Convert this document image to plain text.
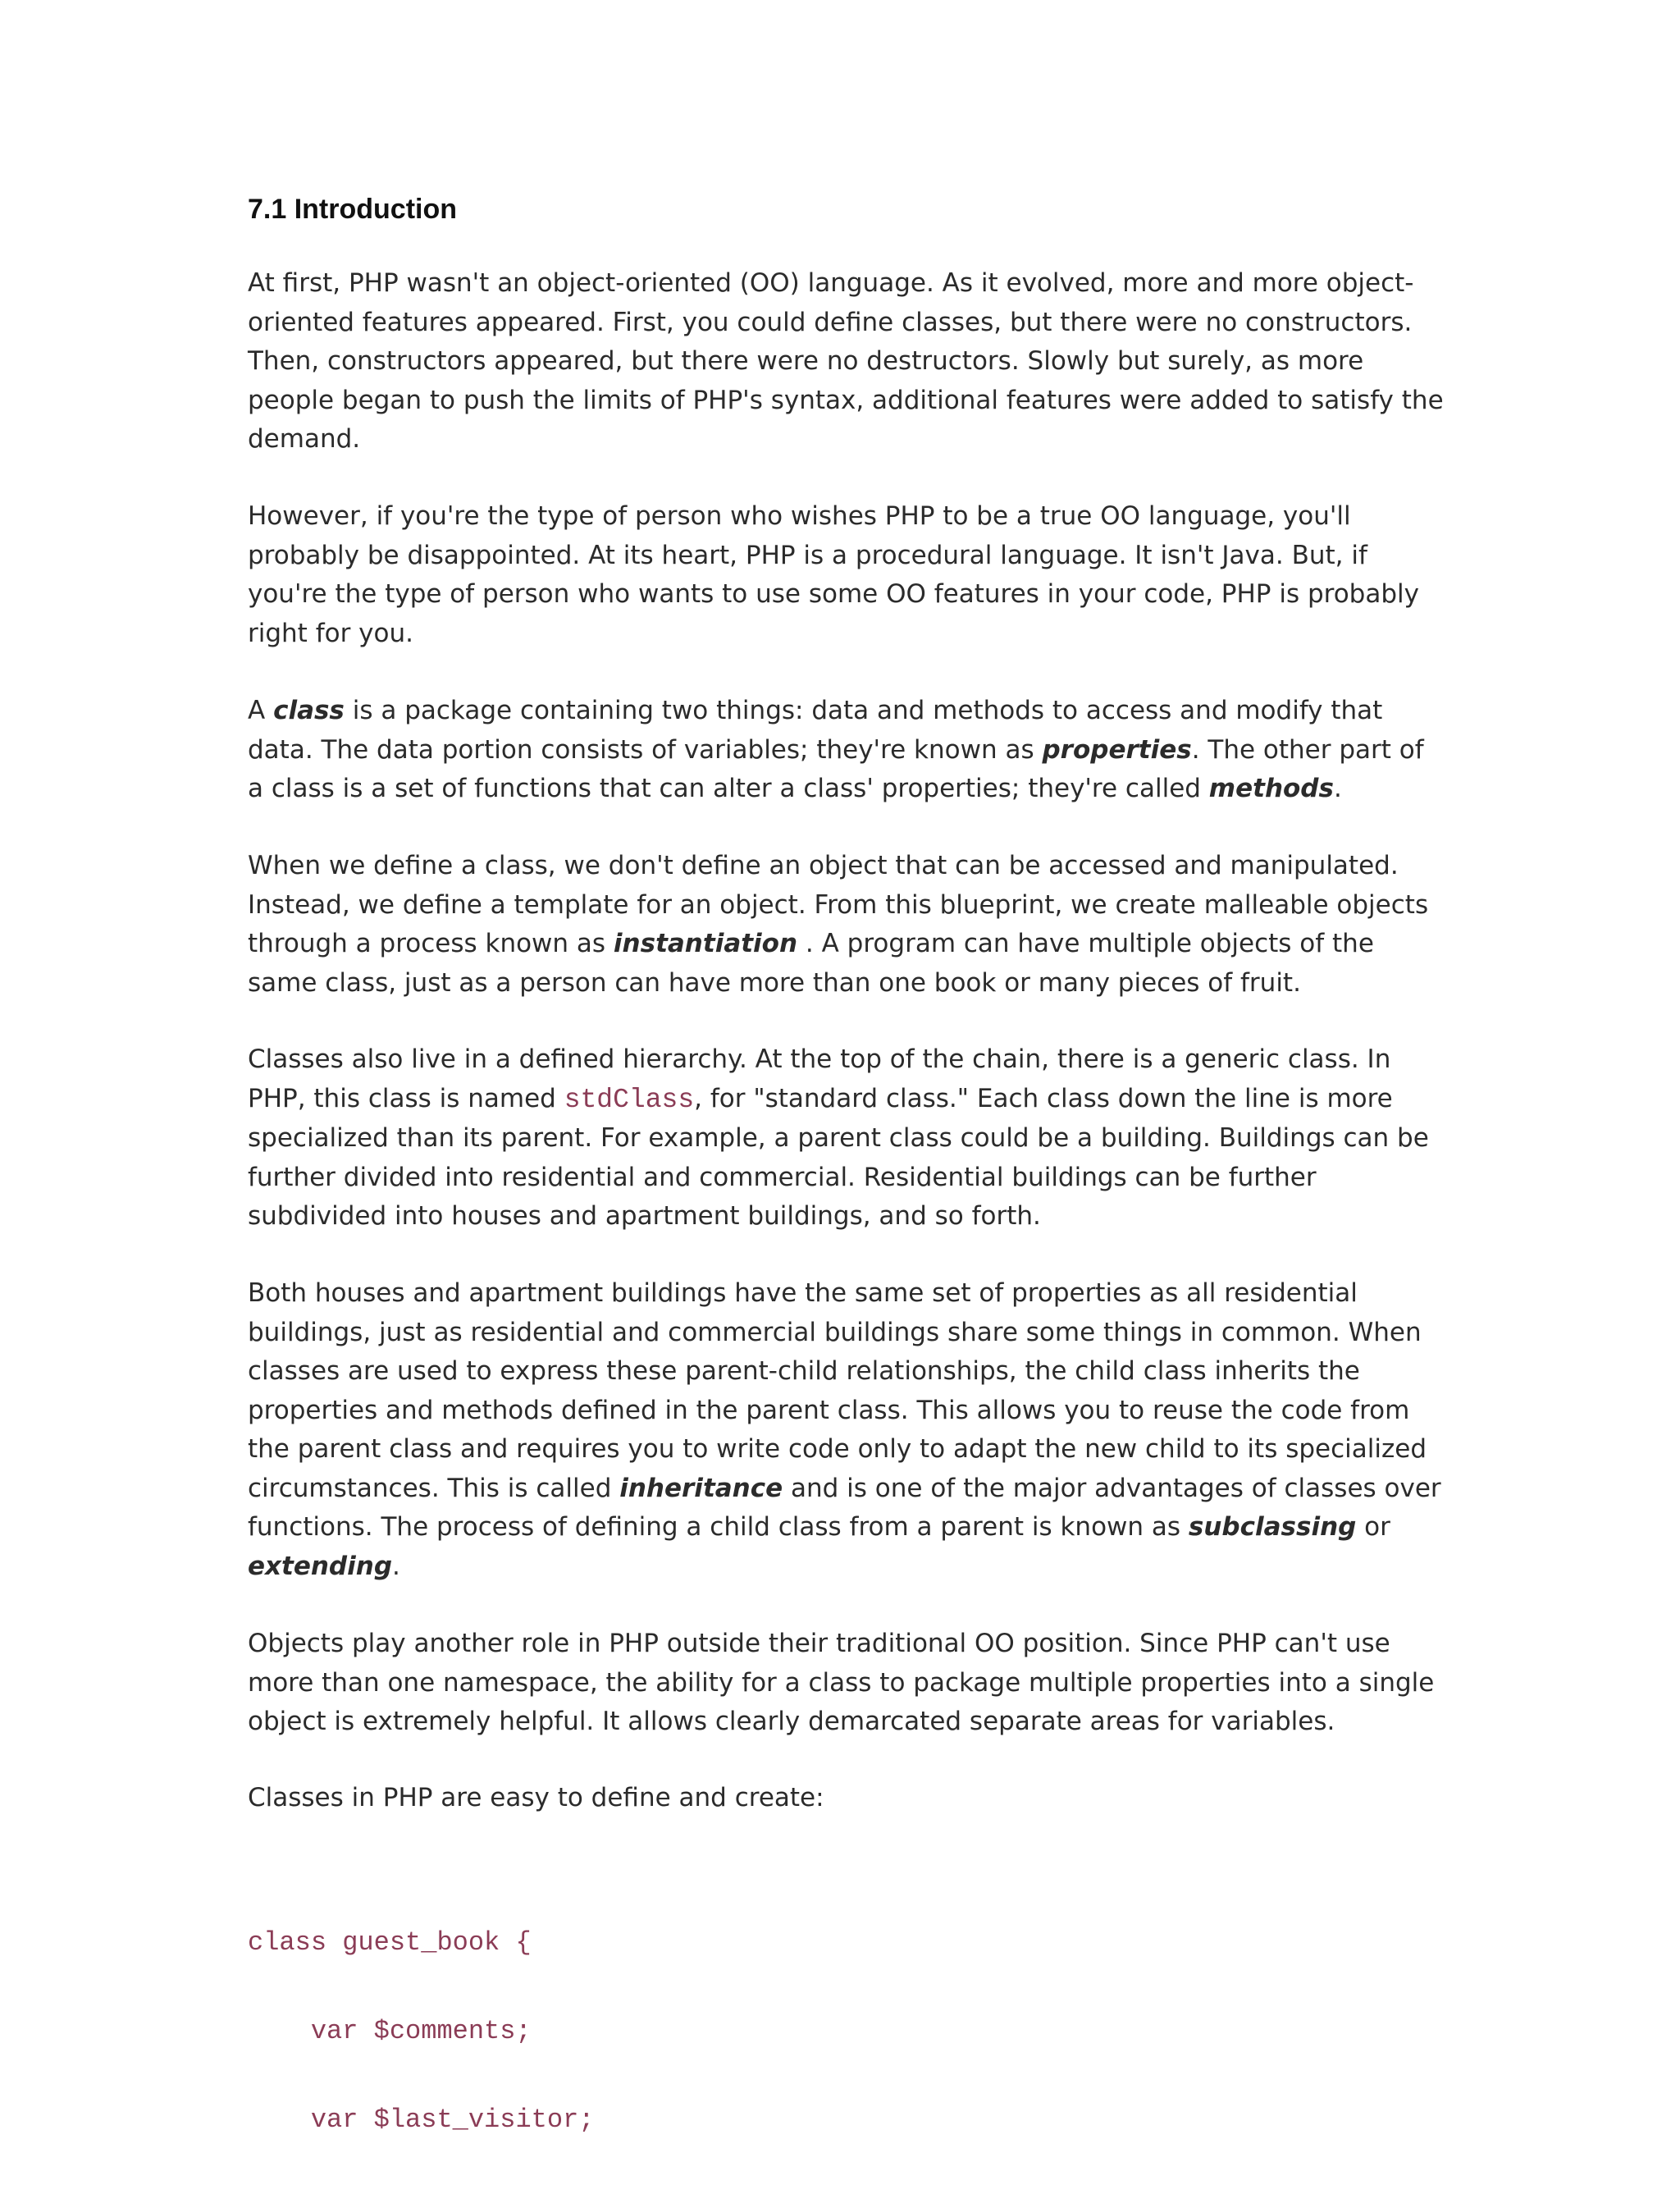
7.1 Introduction

At first, PHP wasn't an object-oriented (OO) language. As it evolved, more and more object-oriented features appeared. First, you could define classes, but there were no constructors. Then, constructors appeared, but there were no destructors. Slowly but surely, as more people began to push the limits of PHP's syntax, additional features were added to satisfy the demand.

However, if you're the type of person who wishes PHP to be a true OO language, you'll probably be disappointed. At its heart, PHP is a procedural language. It isn't Java. But, if you're the type of person who wants to use some OO features in your code, PHP is probably right for you.

A class is a package containing two things: data and methods to access and modify that data. The data portion consists of variables; they're known as properties. The other part of a class is a set of functions that can alter a class' properties; they're called methods.

When we define a class, we don't define an object that can be accessed and manipulated. Instead, we define a template for an object. From this blueprint, we create malleable objects through a process known as instantiation . A program can have multiple objects of the same class, just as a person can have more than one book or many pieces of fruit.

Classes also live in a defined hierarchy. At the top of the chain, there is a generic class. In PHP, this class is named stdClass, for "standard class." Each class down the line is more specialized than its parent. For example, a parent class could be a building. Buildings can be further divided into residential and commercial. Residential buildings can be further subdivided into houses and apartment buildings, and so forth.

Both houses and apartment buildings have the same set of properties as all residential buildings, just as residential and commercial buildings share some things in common. When classes are used to express these parent-child relationships, the child class inherits the properties and methods defined in the parent class. This allows you to reuse the code from the parent class and requires you to write code only to adapt the new child to its specialized circumstances. This is called inheritance and is one of the major advantages of classes over functions. The process of defining a child class from a parent is known as subclassing or extending.

Objects play another role in PHP outside their traditional OO position. Since PHP can't use more than one namespace, the ability for a class to package multiple properties into a single object is extremely helpful. It allows clearly demarcated separate areas for variables.

Classes in PHP are easy to define and create:

class guest_book {

var $comments;

var $last_visitor;
